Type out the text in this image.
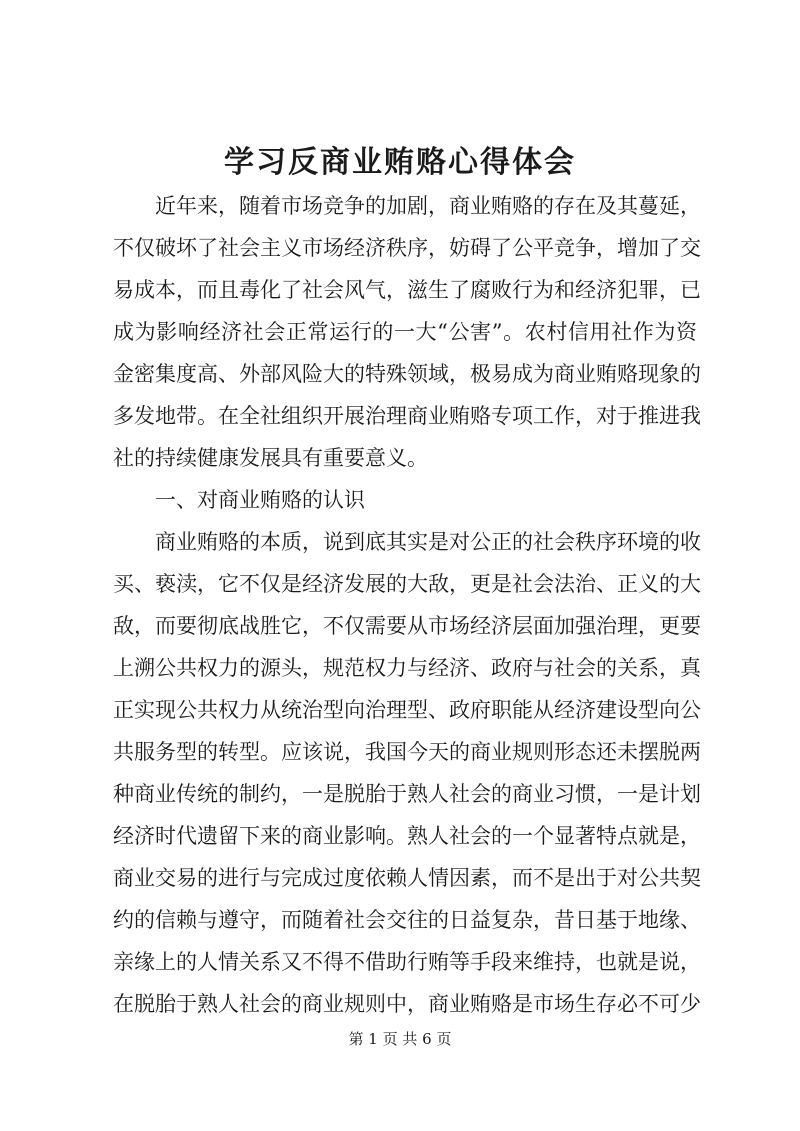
学习反商业贿赂心得体会
近年来，随着市场竞争的加剧，商业贿赂的存在及其蔓延，
不仅破坏了社会主义市场经济秩序，妨碍了公平竞争，增加了交
易成本，而且毒化了社会风气，滋生了腐败行为和经济犯罪，已
成为影响经济社会正常运行的一大“公害”。农村信用社作为资
金密集度高、外部风险大的特殊领域，极易成为商业贿赂现象的
多发地带。在全社组织开展治理商业贿赂专项工作，对于推进我
社的持续健康发展具有重要意义。
一、对商业贿赂的认识
商业贿赂的本质，说到底其实是对公正的社会秩序环境的收
买、亵渎，它不仅是经济发展的大敌，更是社会法治、正义的大
敌，而要彻底战胜它，不仅需要从市场经济层面加强治理，更要
上溯公共权力的源头，规范权力与经济、政府与社会的关系，真
正实现公共权力从统治型向治理型、政府职能从经济建设型向公
共服务型的转型。应该说，我国今天的商业规则形态还未摆脱两
种商业传统的制约，一是脱胎于熟人社会的商业习惯，一是计划
经济时代遗留下来的商业影响。熟人社会的一个显著特点就是，
商业交易的进行与完成过度依赖人情因素，而不是出于对公共契
约的信赖与遵守，而随着社会交往的日益复杂，昔日基于地缘、
亲缘上的人情关系又不得不借助行贿等手段来维持，也就是说，
在脱胎于熟人社会的商业规则中，商业贿赂是市场生存必不可少
第 1 页 共 6 页
